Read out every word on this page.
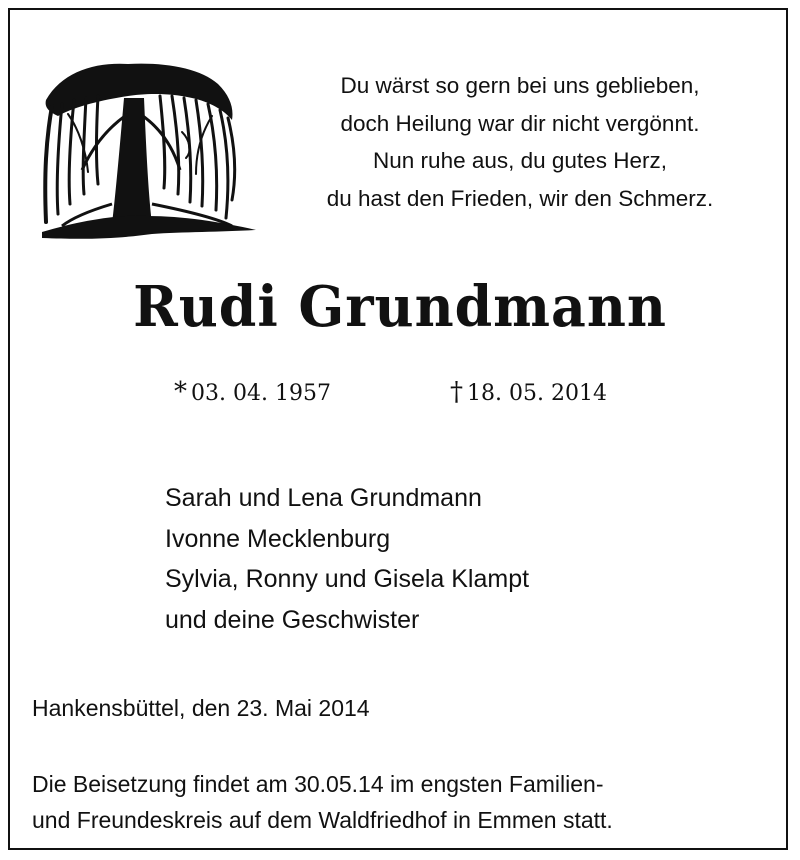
Du wärst so gern bei uns geblieben,
doch Heilung war dir nicht vergönnt.
Nun ruhe aus, du gutes Herz,
du hast den Frieden, wir den Schmerz.
Rudi Grundmann
* 03. 04. 1957	† 18. 05. 2014
Sarah und Lena Grundmann
Ivonne Mecklenburg
Sylvia, Ronny und Gisela Klampt
und deine Geschwister
Hankensbüttel, den 23. Mai 2014
Die Beisetzung findet am 30.05.14 im engsten Familien-
und Freundeskreis auf dem Waldfriedhof in Emmen statt.
